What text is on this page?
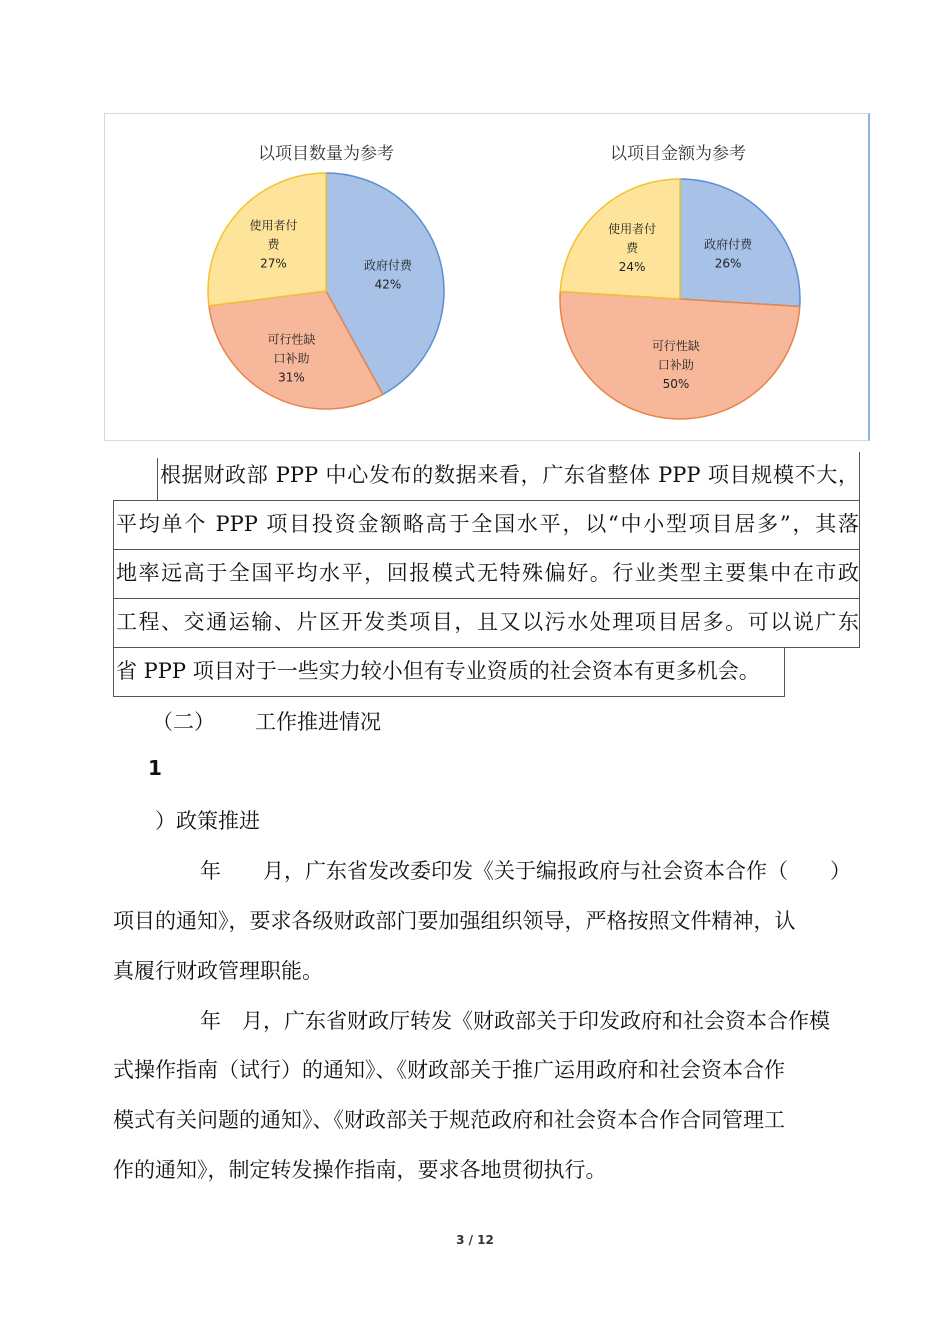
以项目数量为参考	以项目金额为参考
政府付费
42%
可行性缺
口补助
31%
使用者付
费
27%
政府付费
26%
可行性缺
口补助
50%
使用者付
费
24%
根据财政部 PPP 中心发布的数据来看，广东省整体 PPP 项目规模不大，
平均单个 PPP 项目投资金额略高于全国水平，以“中小型项目居多”，其落
地率远高于全国平均水平，回报模式无特殊偏好。行业类型主要集中在市政
工程、交通运输、片区开发类项目，且又以污水处理项目居多。可以说广东
省 PPP 项目对于一些实力较小但有专业资质的社会资本有更多机会。
（二） 工作推进情况
1
）政策推进
年　　月，广东省发改委印发《关于编报政府与社会资本合作（　　）
项目的通知》，要求各级财政部门要加强组织领导，严格按照文件精神，认
真履行财政管理职能。
年　月，广东省财政厅转发《财政部关于印发政府和社会资本合作模
式操作指南（试行）的通知》、《财政部关于推广运用政府和社会资本合作
模式有关问题的通知》、《财政部关于规范政府和社会资本合作合同管理工
作的通知》，制定转发操作指南，要求各地贯彻执行。
3 / 12
